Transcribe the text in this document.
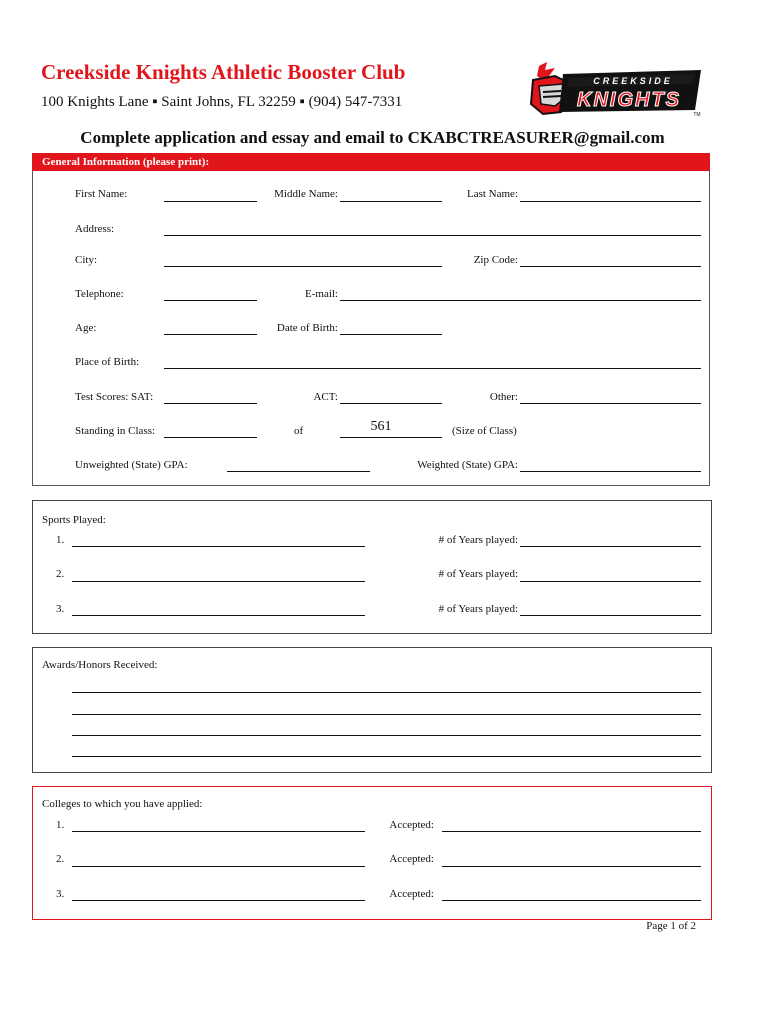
Creekside Knights Athletic Booster Club
100 Knights Lane ▪ Saint Johns, FL 32259 ▪ (904) 547-7331
CREEKSIDE
KNIGHTS
TM
Complete application and essay and email to CKABCTREASURER@gmail.com
General Information (please print):
First Name:	Middle Name:	Last Name:
Address:
City:	Zip Code:
Telephone:	E-mail:
Age:	Date of Birth:
Place of Birth:
Test Scores: SAT:	ACT:	Other:
Standing in Class:	of	561	(Size of Class)
Unweighted (State) GPA:	Weighted (State) GPA:
Sports Played:
1.	# of Years played:
2.	# of Years played:
3.	# of Years played:
Awards/Honors Received:
Colleges to which you have applied:
1.	Accepted:
2.	Accepted:
3.	Accepted:
Page 1 of 2
